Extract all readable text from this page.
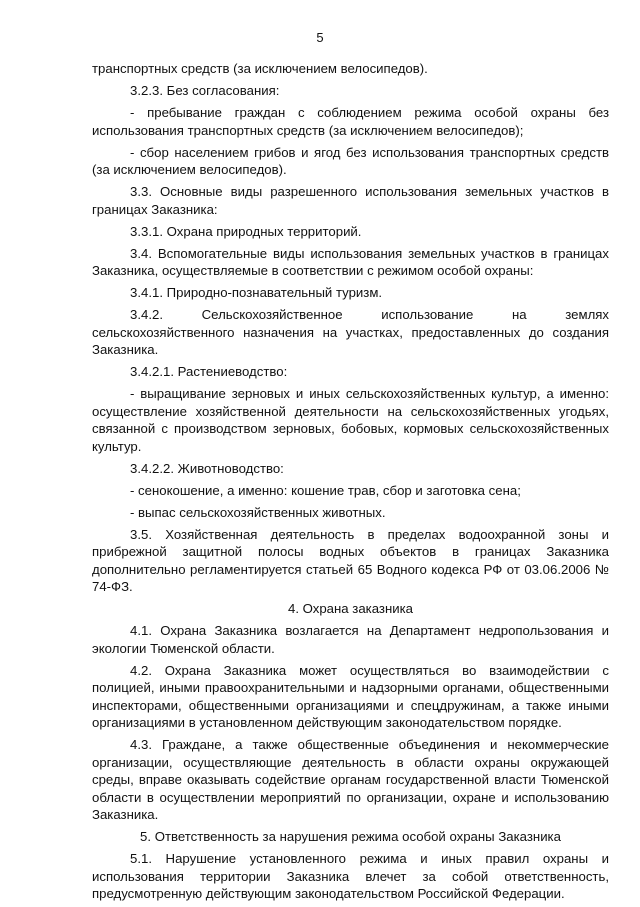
5

транспортных средств (за исключением велосипедов).

3.2.3. Без согласования:

- пребывание граждан с соблюдением режима особой охраны без использования транспортных средств (за исключением велосипедов);

- сбор населением грибов и ягод без использования транспортных средств (за исключением велосипедов).

3.3. Основные виды разрешенного использования земельных участков в границах Заказника:

3.3.1. Охрана природных территорий.

3.4. Вспомогательные виды использования земельных участков в границах Заказника, осуществляемые в соответствии с режимом особой охраны:

3.4.1. Природно-познавательный туризм.

3.4.2. Сельскохозяйственное использование на землях сельскохозяйственного назначения на участках, предоставленных до создания Заказника.

3.4.2.1. Растениеводство:

- выращивание зерновых и иных сельскохозяйственных культур, а именно: осуществление хозяйственной деятельности на сельскохозяйственных угодьях, связанной с производством зерновых, бобовых, кормовых сельскохозяйственных культур.

3.4.2.2. Животноводство:

- сенокошение, а именно: кошение трав, сбор и заготовка сена;

- выпас сельскохозяйственных животных.

3.5. Хозяйственная деятельность в пределах водоохранной зоны и прибрежной защитной полосы водных объектов в границах Заказника дополнительно регламентируется статьей 65 Водного кодекса РФ от 03.06.2006 № 74-ФЗ.

4. Охрана заказника

4.1. Охрана Заказника возлагается на Департамент недропользования и экологии Тюменской области.

4.2. Охрана Заказника может осуществляться во взаимодействии с полицией, иными правоохранительными и надзорными органами, общественными инспекторами, общественными организациями и спецдружинам, а также иными организациями в установленном действующим законодательством порядке.

4.3. Граждане, а также общественные объединения и некоммерческие организации, осуществляющие деятельность в области охраны окружающей среды, вправе оказывать содействие органам государственной власти Тюменской области в осуществлении мероприятий по организации, охране и использованию Заказника.

5. Ответственность за нарушения режима особой охраны Заказника

5.1. Нарушение установленного режима и иных правил охраны и использования территории Заказника влечет за собой ответственность, предусмотренную действующим законодательством Российской Федерации.
